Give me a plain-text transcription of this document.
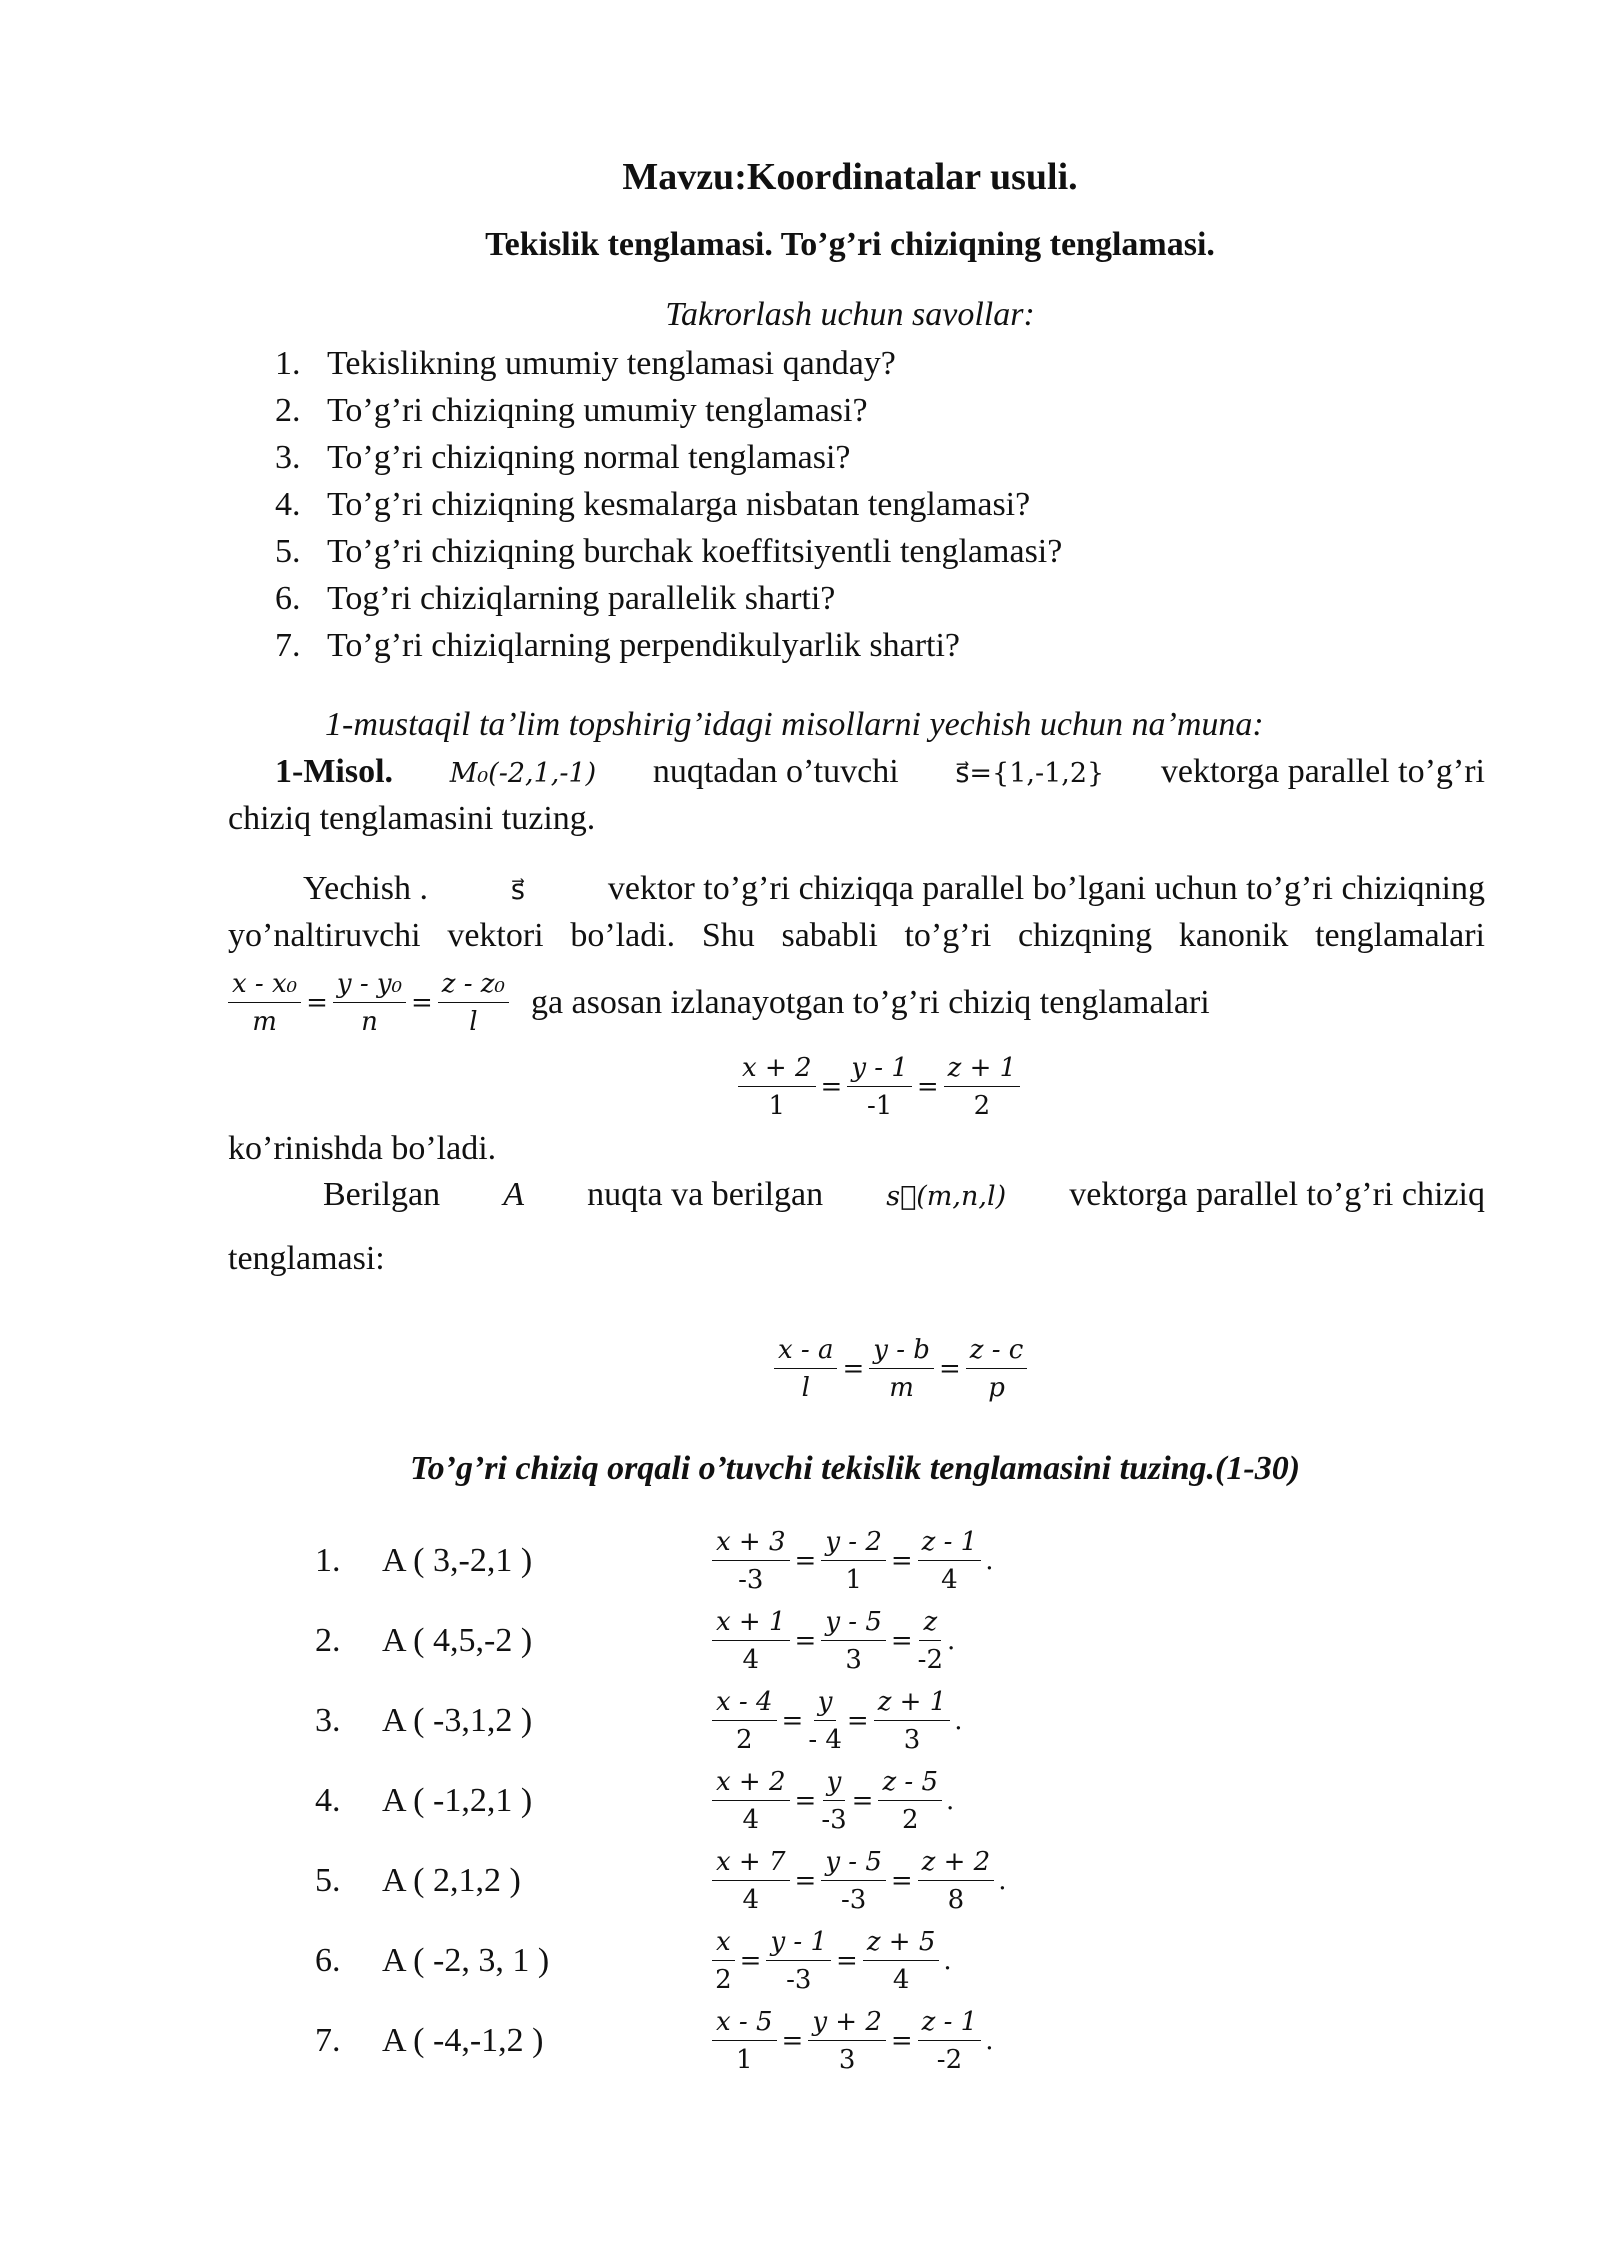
Mavzu:Koordinatalar usuli.
Tekislik tenglamasi. To’g’ri chiziqning tenglamasi.
Takrorlash uchun savollar:
1. Tekislikning umumiy tenglamasi qanday?
2. To’g’ri chiziqning umumiy tenglamasi?
3. To’g’ri chiziqning normal tenglamasi?
4. To’g’ri chiziqning kesmalarga nisbatan tenglamasi?
5. To’g’ri chiziqning burchak koeffitsiyentli tenglamasi?
6. Tog’ri chiziqlarning parallelik sharti?
7. To’g’ri chiziqlarning perpendikulyarlik sharti?
1-mustaqil ta’lim topshirig’idagi misollarni yechish uchun na’muna:
1-Misol. M₀(-2,1,-1) nuqtadan o’tuvchi s⃗={1,-1,2} vektorga parallel to’g’ri
chiziq tenglamasini tuzing.
Yechish .	s⃗ vektor to’g’ri chiziqqa parallel bo’lgani uchun to’g’ri chiziqning
yo’naltiruvchi vektori bo’ladi. Shu sababli to’g’ri chizqning kanonik tenglamalari
$\frac{\text{x - x₀}}{m} = \frac{\text{y - y₀}}{n} = \frac{\text{z - z₀}}{l}$ ga asosan izlanayotgan to’g’ri chiziq tenglamalari
$\frac{x + 2}{1} = \frac{y - 1}{-1} = \frac{z + 1}{2}$
ko’rinishda bo’ladi.
Berilgan A nuqta va berilgan s⃗(m,n,l) vektorga parallel to’g’ri chiziq
tenglamasi:
$\frac{x - a}{l} = \frac{y - b}{m} = \frac{z - c}{p}$
To’g’ri chiziq orqali o’tuvchi tekislik tenglamasini tuzing.(1-30)
1. A ( 3,-2,1 )	$\frac{x + 3}{-3} = \frac{y - 2}{1} = \frac{z - 1}{4}$ .
2. A ( 4,5,-2 )	$\frac{x + 1}{4} = \frac{y - 5}{3} = \frac{z}{-2}$ .
3. A ( -3,1,2 )	$\frac{x - 4}{2} = \frac{y}{- 4} = \frac{z + 1}{3}$ .
4. A ( -1,2,1 )	$\frac{x + 2}{4} = \frac{y}{-3} = \frac{z - 5}{2}$ .
5. A ( 2,1,2 )	$\frac{x + 7}{4} = \frac{y - 5}{-3} = \frac{z + 2}{8}$ .
6. A ( -2, 3, 1 )	$\frac{x}{2} = \frac{y - 1}{-3} = \frac{z + 5}{4}$ .
7. A ( -4,-1,2 )	$\frac{x - 5}{1} = \frac{y + 2}{3} = \frac{z - 1}{-2}$ .
